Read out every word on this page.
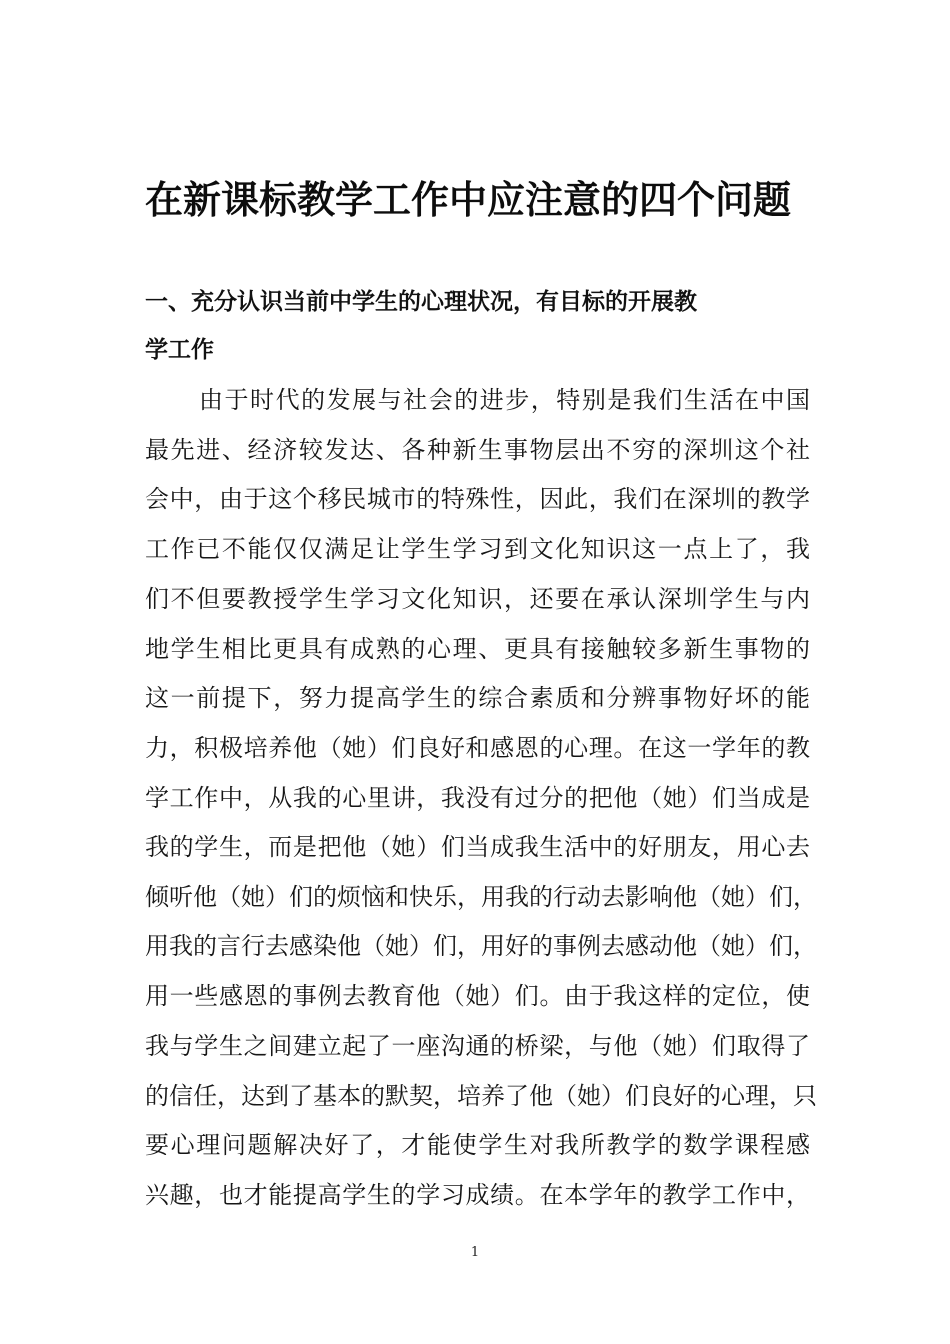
在新课标教学工作中应注意的四个问题
一、充分认识当前中学生的心理状况，有目标的开展教
学工作
由于时代的发展与社会的进步，特别是我们生活在中国
最先进、经济较发达、各种新生事物层出不穷的深圳这个社
会中，由于这个移民城市的特殊性，因此，我们在深圳的教学
工作已不能仅仅满足让学生学习到文化知识这一点上了，我
们不但要教授学生学习文化知识，还要在承认深圳学生与内
地学生相比更具有成熟的心理、更具有接触较多新生事物的
这一前提下，努力提高学生的综合素质和分辨事物好坏的能
力，积极培养他（她）们良好和感恩的心理。在这一学年的教
学工作中，从我的心里讲，我没有过分的把他（她）们当成是
我的学生，而是把他（她）们当成我生活中的好朋友，用心去
倾听他（她）们的烦恼和快乐，用我的行动去影响他（她）们，
用我的言行去感染他（她）们，用好的事例去感动他（她）们，
用一些感恩的事例去教育他（她）们。由于我这样的定位，使
我与学生之间建立起了一座沟通的桥梁，与他（她）们取得了
的信任，达到了基本的默契，培养了他（她）们良好的心理，只
要心理问题解决好了，才能使学生对我所教学的数学课程感
兴趣，也才能提高学生的学习成绩。在本学年的教学工作中，
1
